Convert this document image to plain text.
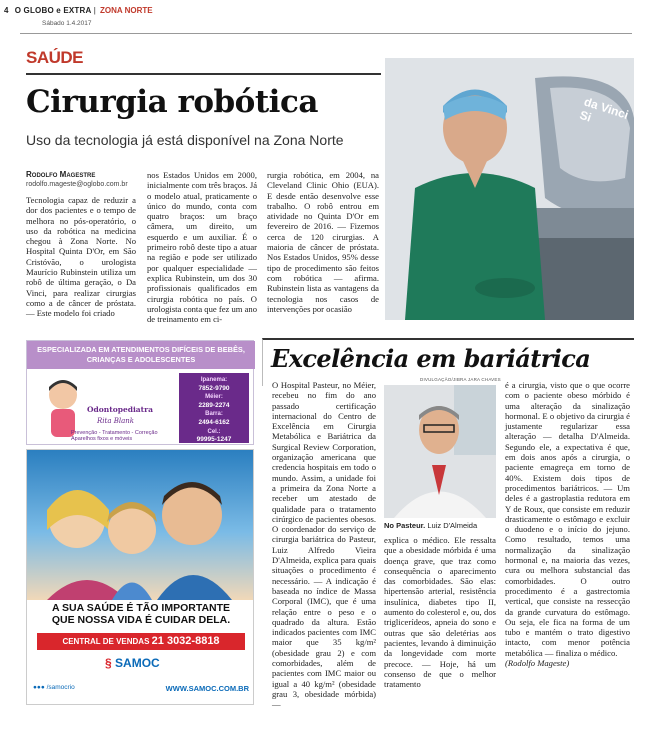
4 O GLOBO e EXTRA | ZONA NORTE
Sábado 1.4.2017
SAÚDE
Cirurgia robótica
Uso da tecnologia já está disponível na Zona Norte
Rodolfo Magestre
rodolfo.mageste@oglobo.com.br

Tecnologia capaz de reduzir a dor dos pacientes e o tempo de melhora no pós-operatório, o uso da robótica na medicina chegou à Zona Norte. No Hospital Quinta D'Or, em São Cristóvão, o urologista Maurício Rubinstein utiliza um robô de última geração, o Da Vinci, para realizar cirurgias como a de câncer de próstata. — Este modelo foi criado

nos Estados Unidos em 2000, inicialmente com três braços. Já o modelo atual, praticamente o único do mundo, conta com quatro braços: um braço câmera, um direito, um esquerdo e um auxiliar. É o primeiro robô deste tipo a atuar na região e pode ser utilizado por qualquer especialidade — explica Rubinstein, um dos 30 profissionais qualificados em cirurgia robótica no país. O urologista conta que fez um ano de treinamento em ci-

rurgia robótica, em 2004, na Cleveland Clinic Ohio (EUA). E desde então desenvolve esse trabalho. O robô entrou em atividade no Quinta D'Or em fevereiro de 2016. — Fizemos cerca de 120 cirurgias. A maioria de câncer de próstata. Nos Estados Unidos, 95% desse tipo de procedimento são feitos com robótica — afirma. Rubinstein lista as vantagens da tecnologia nos casos de intervenções por ocasião

da Vinci Si
ESPECIALIZADA EM ATENDIMENTOS DIFÍCEIS DE BEBÊS, CRIANÇAS E ADOLESCENTES
Odontopediatra
Rita Blank
Prevenção - Tratamento - Correção
Aparelhos fixos e móveis
Ipanema:
7852-9790
Méier:
2289-2274
Barra:
2494-6162
Cel.:
99995-1247
A SUA SAÚDE É TÃO IMPORTANTE
QUE NOSSA VIDA É CUIDAR DELA.
CENTRAL DE VENDAS 21 3032-8818
§ SAMOC
●●● /samocrio	WWW.SAMOC.COM.BR
Excelência em bariátrica

O Hospital Pasteur, no Méier, recebeu no fim do ano passado certificação internacional do Centro de Excelência em Cirurgia Metabólica e Bariátrica da Surgical Review Corporation, organização americana que credencia hospitais em todo o mundo. Assim, a unidade foi a primeira da Zona Norte a receber um atestado de qualidade para o tratamento cirúrgico de pacientes obesos. O coordenador do serviço de cirurgia bariátrica do Pasteur, Luiz Alfredo Vieira D'Almeida, explica para quais situações o procedimento é necessário. — A indicação é baseada no índice de Massa Corporal (IMC), que é uma relação entre o peso e o quadrado da altura. Estão indicados pacientes com IMC maior que 35 kg/m² (obesidade grau 2) e com comorbidades, além de pacientes com IMC maior ou igual a 40 kg/m² (obesidade grau 3, obesidade mórbida) —

DIVULGAÇÃO/JIBRA JARA CHAVES
No Pasteur. Luiz D'Almeida

explica o médico. Ele ressalta que a obesidade mórbida é uma doença grave, que traz como consequência o aparecimento das comorbidades. São elas: hipertensão arterial, resistência insulínica, diabetes tipo II, aumento do colesterol e, ou, dos triglicerídeos, apneia do sono e outras que são deletérias aos pacientes, levando à diminuição da longevidade com morte precoce. — Hoje, há um consenso de que o melhor tratamento

é a cirurgia, visto que o que ocorre com o paciente obeso mórbido é uma alteração da sinalização hormonal. E o objetivo da cirurgia é justamente regularizar essa alteração — detalha D'Almeida. Segundo ele, a expectativa é que, em dois anos após a cirurgia, o paciente emagreça em torno de 40%. Existem dois tipos de procedimentos bariátricos. — Um deles é a gastroplastia redutora em Y de Roux, que consiste em reduzir drasticamente o estômago e excluir o duodeno e o início do jejuno. Como resultado, temos uma normalização da sinalização hormonal e, na maioria das vezes, cura ou melhora substancial das comorbidades. O outro procedimento é a gastrectomia vertical, que consiste na ressecção da grande curvatura do estômago. Ou seja, ele fica na forma de um tubo e mantém o trato digestivo intacto, com menor potência metabólica — finaliza o médico.

(Rodolfo Mageste)
